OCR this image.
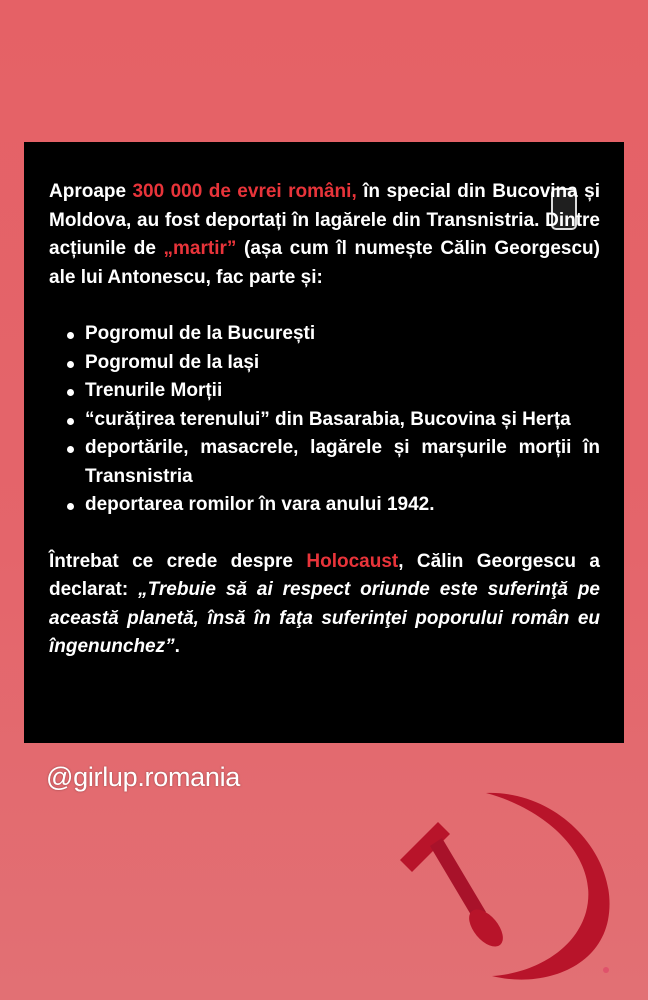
Aproape 300 000 de evrei români, în special din Bucovina și Moldova, au fost deportați în lagărele din Transnistria. Dintre acțiunile de „martir” (așa cum îl numește Călin Georgescu) ale lui Antonescu, fac parte și:

Pogromul de la București
Pogromul de la Iași
Trenurile Morții
“curățirea terenului” din Basarabia, Bucovina și Herța
deportările, masacrele, lagărele și marșurile morții în Transnistria
deportarea romilor în vara anului 1942.

Întrebat ce crede despre Holocaust, Călin Georgescu a declarat: „Trebuie să ai respect oriunde este suferinţă pe această planetă, însă în faţa suferinţei poporului român eu îngenunchez”.

@girlup.romania
